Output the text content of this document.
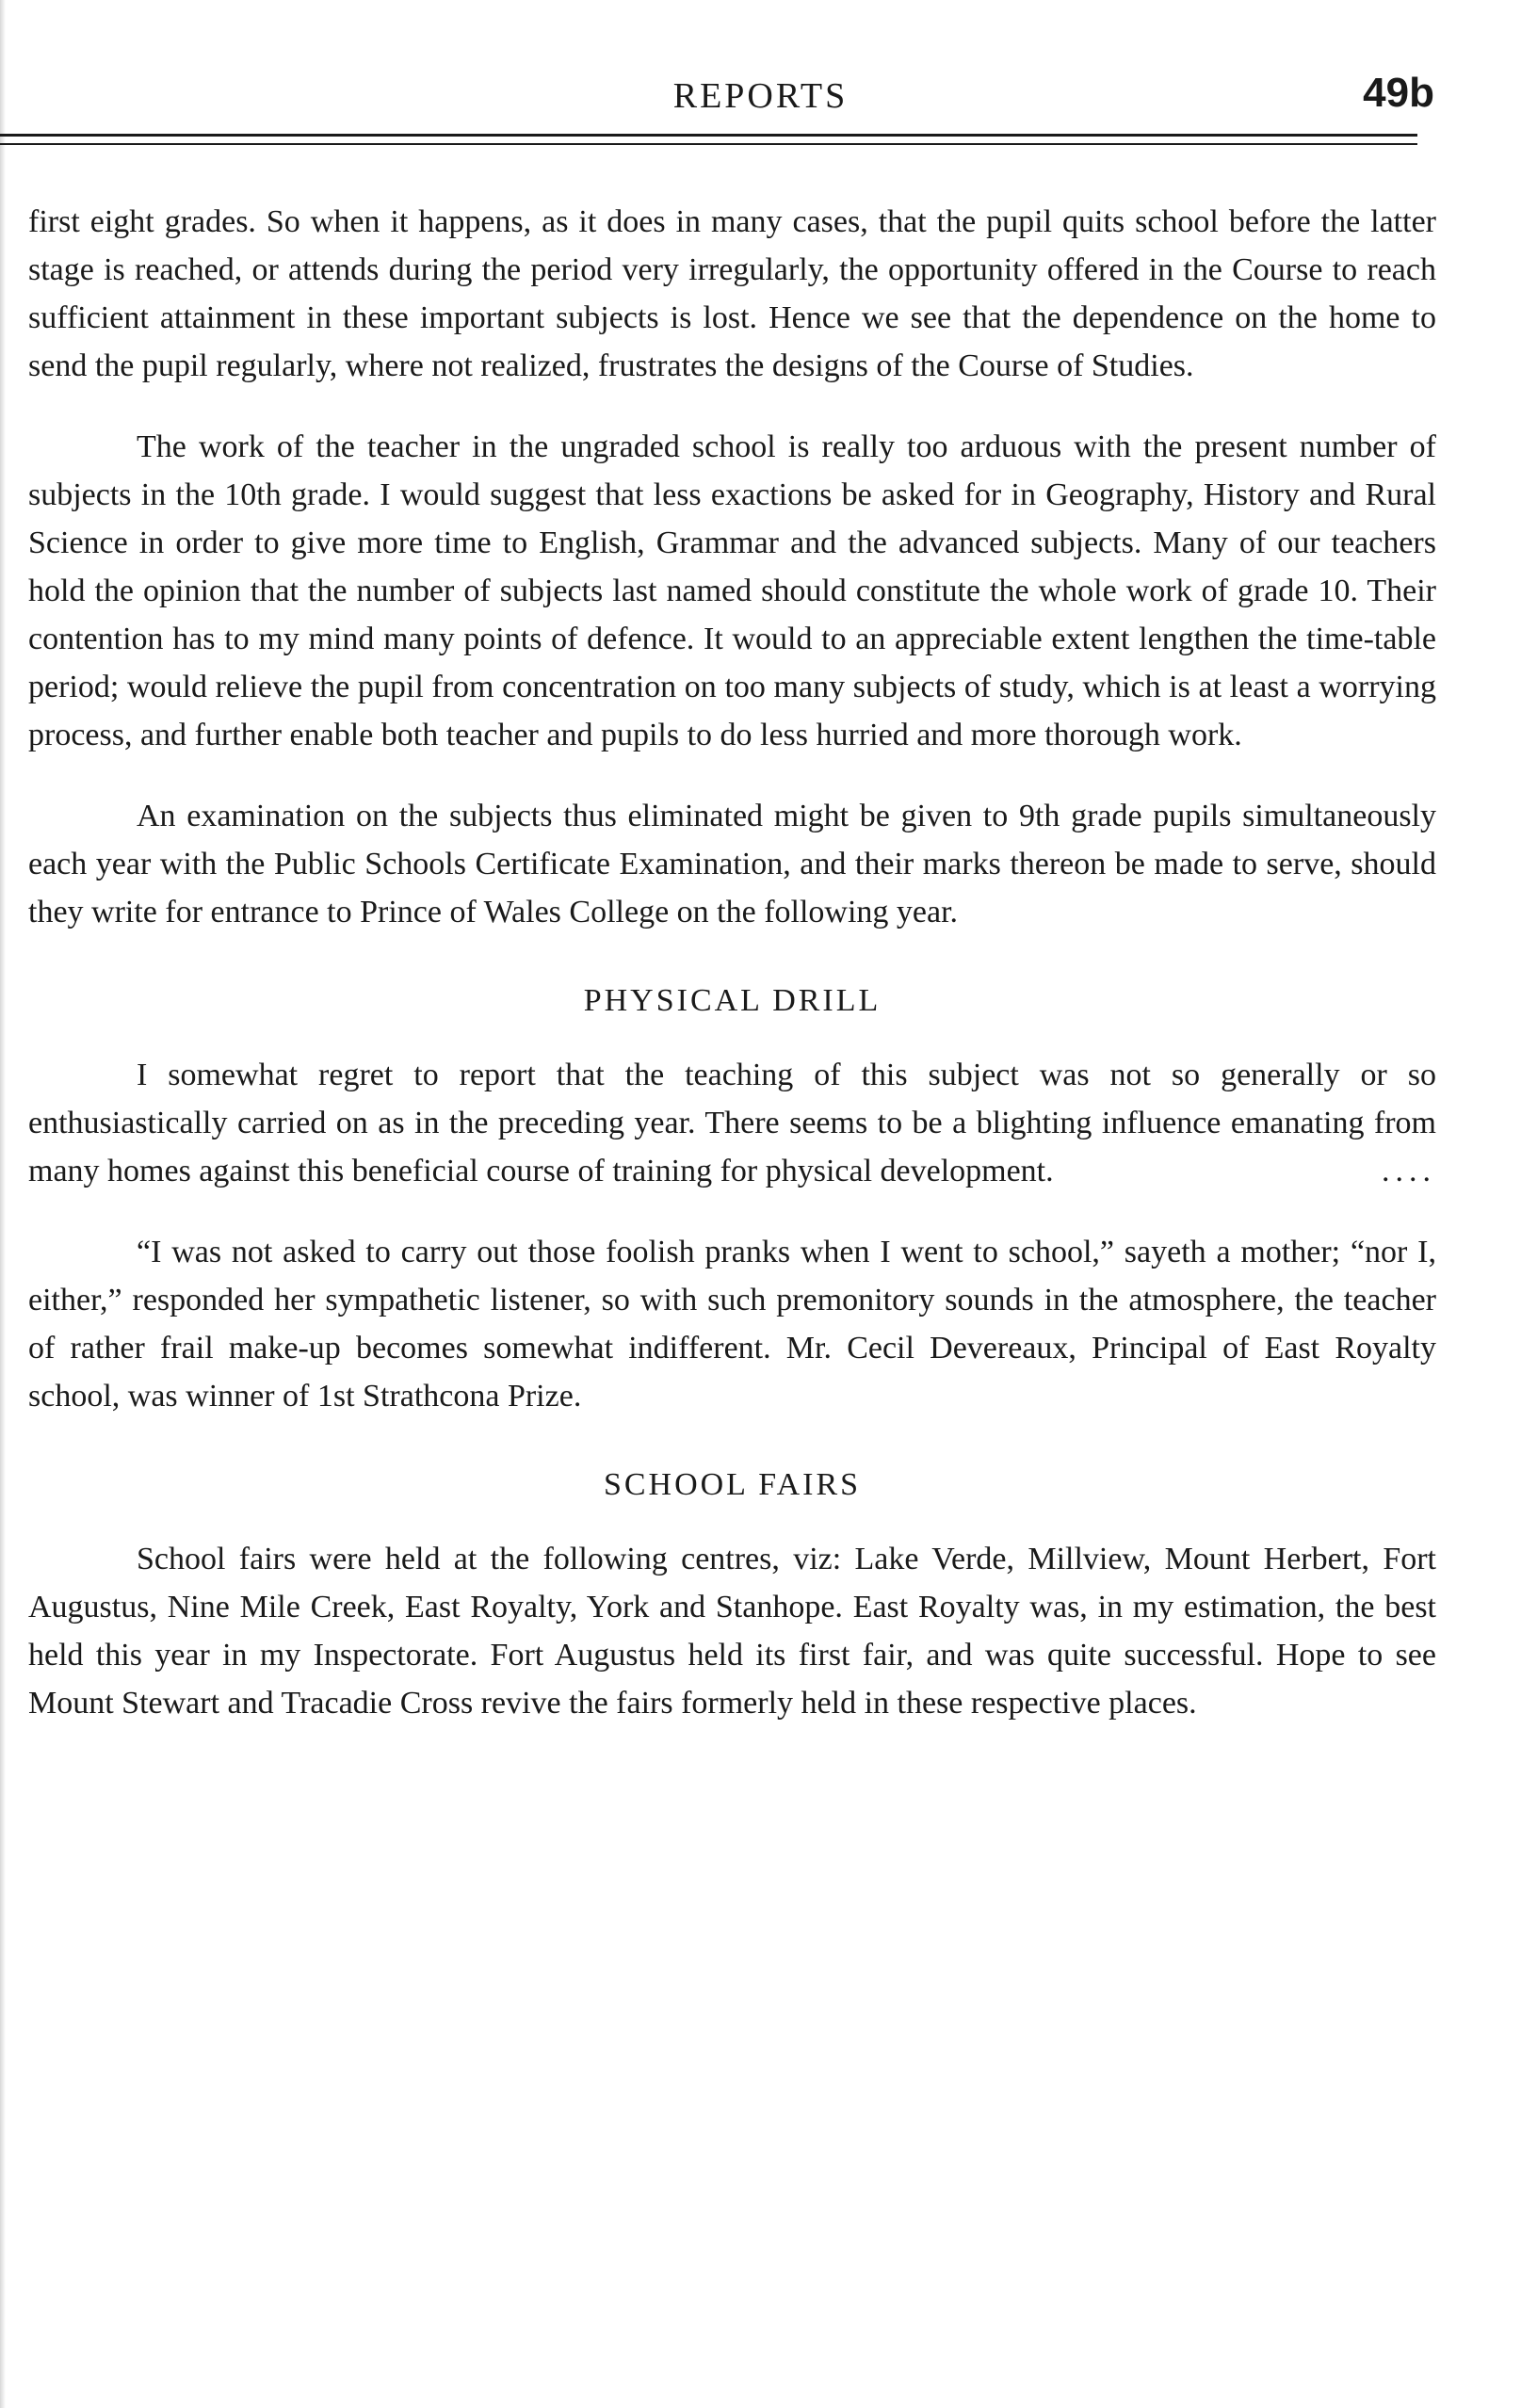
REPORTS	49b

first eight grades. So when it happens, as it does in many cases, that the pupil quits school before the latter stage is reached, or attends during the period very irregularly, the opportunity offered in the Course to reach sufficient attainment in these important subjects is lost. Hence we see that the dependence on the home to send the pupil regularly, where not realized, frustrates the designs of the Course of Studies.

The work of the teacher in the ungraded school is really too arduous with the present number of subjects in the 10th grade. I would suggest that less exactions be asked for in Geography, History and Rural Science in order to give more time to English, Grammar and the advanced subjects. Many of our teachers hold the opinion that the number of subjects last named should constitute the whole work of grade 10. Their contention has to my mind many points of defence. It would to an appreciable extent lengthen the time-table period; would relieve the pupil from concentration on too many subjects of study, which is at least a worrying process, and further enable both teacher and pupils to do less hurried and more thorough work.

An examination on the subjects thus eliminated might be given to 9th grade pupils simultaneously each year with the Public Schools Certificate Examination, and their marks thereon be made to serve, should they write for entrance to Prince of Wales College on the following year.

PHYSICAL DRILL

I somewhat regret to report that the teaching of this subject was not so generally or so enthusiastically carried on as in the preceding year. There seems to be a blighting influence emanating from many homes against this beneficial course of training for physical development.	....

“I was not asked to carry out those foolish pranks when I went to school,” sayeth a mother; “nor I, either,” responded her sympathetic listener, so with such premonitory sounds in the atmosphere, the teacher of rather frail make-up becomes somewhat indifferent. Mr. Cecil Devereaux, Principal of East Royalty school, was winner of 1st Strathcona Prize.

SCHOOL FAIRS

School fairs were held at the following centres, viz: Lake Verde, Millview, Mount Herbert, Fort Augustus, Nine Mile Creek, East Royalty, York and Stanhope. East Royalty was, in my estimation, the best held this year in my Inspectorate. Fort Augustus held its first fair, and was quite successful. Hope to see Mount Stewart and Tracadie Cross revive the fairs formerly held in these respective places.
